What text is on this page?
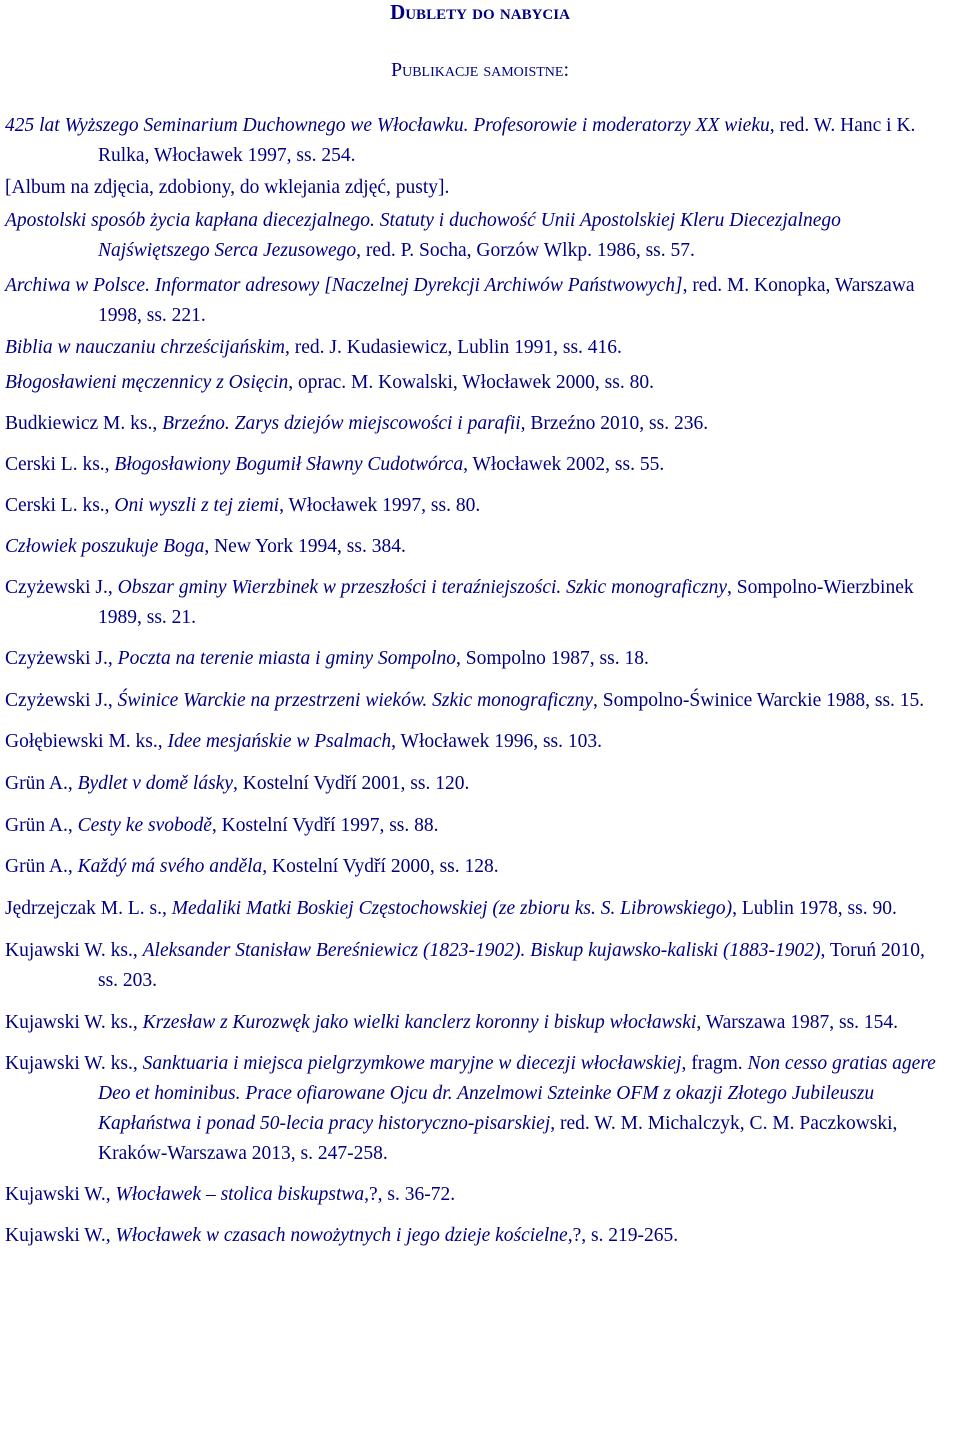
Dublety do nabycia
Publikacje samoistne:
425 lat Wyższego Seminarium Duchownego we Włocławku. Profesorowie i moderatorzy XX wieku, red. W. Hanc i K. Rulka, Włocławek 1997, ss. 254.
[Album na zdjęcia, zdobiony, do wklejania zdjęć, pusty].
Apostolski sposób życia kapłana diecezjalnego. Statuty i duchowość Unii Apostolskiej Kleru Diecezjalnego Najświętszego Serca Jezusowego, red. P. Socha, Gorzów Wlkp. 1986, ss. 57.
Archiwa w Polsce. Informator adresowy [Naczelnej Dyrekcji Archiwów Państwowych], red. M. Konopka, Warszawa 1998, ss. 221.
Biblia w nauczaniu chrześcijańskim, red. J. Kudasiewicz, Lublin 1991, ss. 416.
Błogosławieni męczennicy z Osięcin, oprac. M. Kowalski, Włocławek 2000, ss. 80.
Budkiewicz M. ks., Brzeźno. Zarys dziejów miejscowości i parafii, Brzeźno 2010, ss. 236.
Cerski L. ks., Błogosławiony Bogumił Sławny Cudotwórca, Włocławek 2002, ss. 55.
Cerski L. ks., Oni wyszli z tej ziemi, Włocławek 1997, ss. 80.
Człowiek poszukuje Boga, New York 1994, ss. 384.
Czyżewski J., Obszar gminy Wierzbinek w przeszłości i teraźniejszości. Szkic monograficzny, Sompolno-Wierzbinek 1989, ss. 21.
Czyżewski J., Poczta na terenie miasta i gminy Sompolno, Sompolno 1987, ss. 18.
Czyżewski J., Świnice Warckie na przestrzeni wieków. Szkic monograficzny, Sompolno-Świnice Warckie 1988, ss. 15.
Gołębiewski M. ks., Idee mesjańskie w Psalmach, Włocławek 1996, ss. 103.
Grün A., Bydlet v domě lásky, Kostelní Vydří 2001, ss. 120.
Grün A., Cesty ke svobodě, Kostelní Vydří 1997, ss. 88.
Grün A., Každý má svého anděla, Kostelní Vydří 2000, ss. 128.
Jędrzejczak M. L. s., Medaliki Matki Boskiej Częstochowskiej (ze zbioru ks. S. Librowskiego), Lublin 1978, ss. 90.
Kujawski W. ks., Aleksander Stanisław Bereśniewicz (1823-1902). Biskup kujawsko-kaliski (1883-1902), Toruń 2010, ss. 203.
Kujawski W. ks., Krzesław z Kurozwęk jako wielki kanclerz koronny i biskup włocławski, Warszawa 1987, ss. 154.
Kujawski W. ks., Sanktuaria i miejsca pielgrzymkowe maryjne w diecezji włocławskiej, fragm. Non cesso gratias agere Deo et hominibus. Prace ofiarowane Ojcu dr. Anzelmowi Szteinke OFM z okazji Złotego Jubileuszu Kapłaństwa i ponad 50-lecia pracy historyczno-pisarskiej, red. W. M. Michalczyk, C. M. Paczkowski, Kraków-Warszawa 2013, s. 247-258.
Kujawski W., Włocławek – stolica biskupstwa,?, s. 36-72.
Kujawski W., Włocławek w czasach nowożytnych i jego dzieje kościelne,?, s. 219-265.
